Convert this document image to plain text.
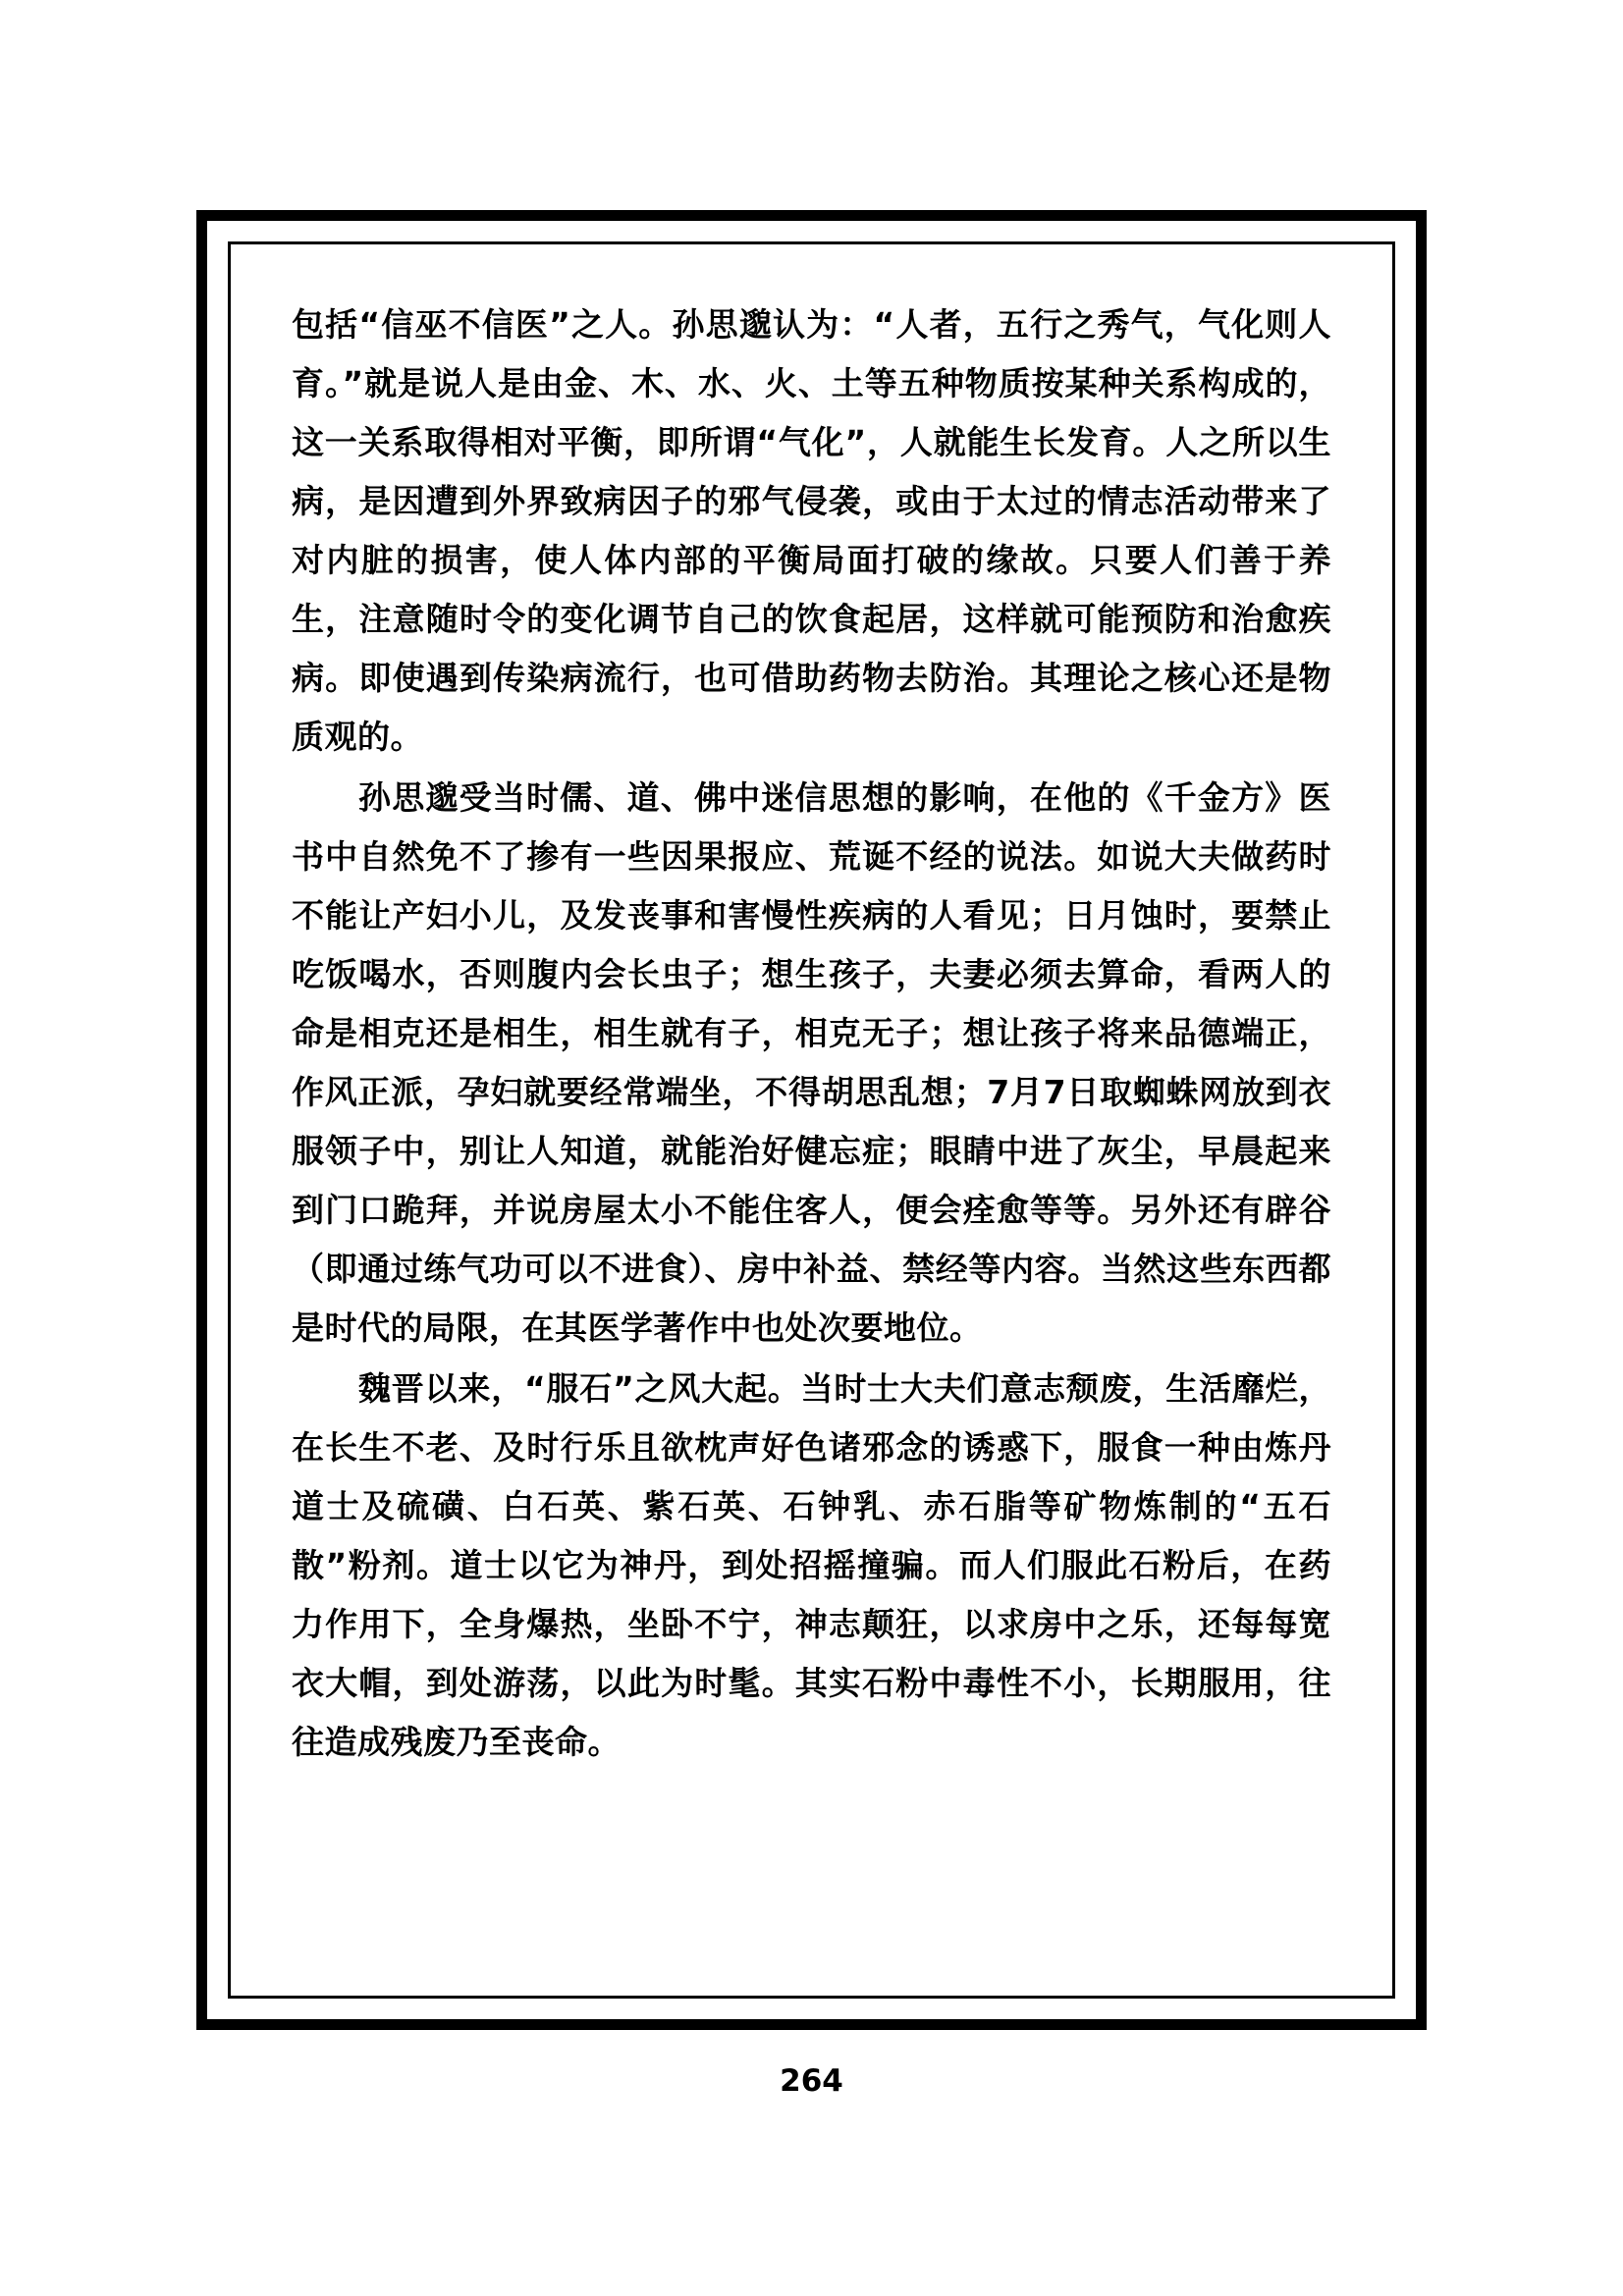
包括“信巫不信医”之人。孙思邈认为：“人者，五行之秀气，气化则人育。”就是说人是由金、木、水、火、土等五种物质按某种关系构成的，这一关系取得相对平衡，即所谓“气化”，人就能生长发育。人之所以生病，是因遭到外界致病因子的邪气侵袭，或由于太过的情志活动带来了对内脏的损害，使人体内部的平衡局面打破的缘故。只要人们善于养生，注意随时令的变化调节自己的饮食起居，这样就可能预防和治愈疾病。即使遇到传染病流行，也可借助药物去防治。其理论之核心还是物质观的。

孙思邈受当时儒、道、佛中迷信思想的影响，在他的《千金方》医书中自然免不了掺有一些因果报应、荒诞不经的说法。如说大夫做药时不能让产妇小儿，及发丧事和害慢性疾病的人看见；日月蚀时，要禁止吃饭喝水，否则腹内会长虫子；想生孩子，夫妻必须去算命，看两人的命是相克还是相生，相生就有子，相克无子；想让孩子将来品德端正，作风正派，孕妇就要经常端坐，不得胡思乱想；7月7日取蜘蛛网放到衣服领子中，别让人知道，就能治好健忘症；眼睛中进了灰尘，早晨起来到门口跪拜，并说房屋太小不能住客人，便会痊愈等等。另外还有辟谷（即通过练气功可以不进食）、房中补益、禁经等内容。当然这些东西都是时代的局限，在其医学著作中也处次要地位。

魏晋以来，“服石”之风大起。当时士大夫们意志颓废，生活靡烂，在长生不老、及时行乐且欲枕声好色诸邪念的诱惑下，服食一种由炼丹道士及硫磺、白石英、紫石英、石钟乳、赤石脂等矿物炼制的“五石散”粉剂。道士以它为神丹，到处招摇撞骗。而人们服此石粉后，在药力作用下，全身爆热，坐卧不宁，神志颠狂，以求房中之乐，还每每宽衣大帽，到处游荡，以此为时髦。其实石粉中毒性不小，长期服用，往往造成残废乃至丧命。

264
